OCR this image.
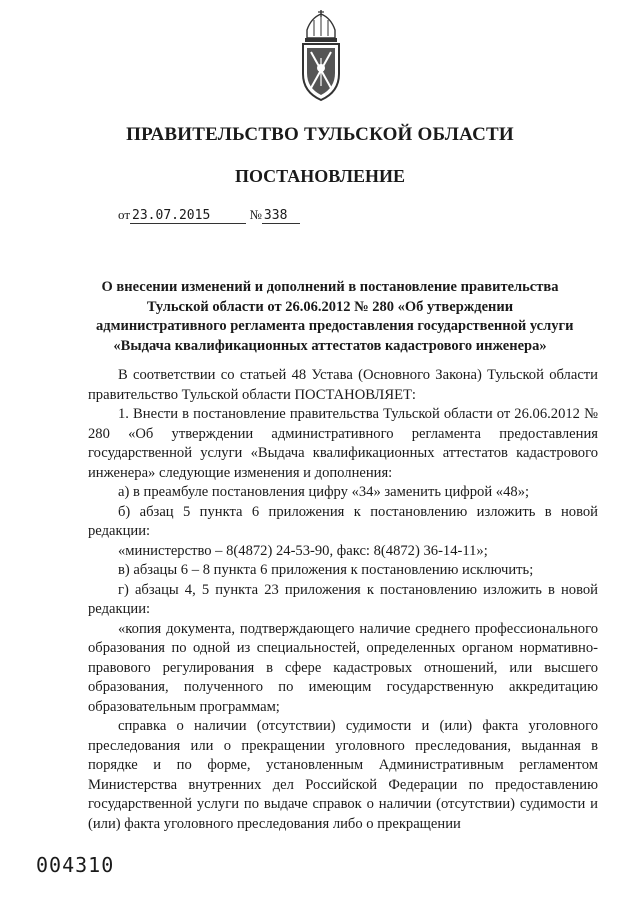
ПРАВИТЕЛЬСТВО ТУЛЬСКОЙ ОБЛАСТИ
ПОСТАНОВЛЕНИЕ
от 23.07.2015	№ 338
О внесении изменений и дополнений в постановление правительства
Тульской области от 26.06.2012 № 280 «Об утверждении
административного регламента предоставления государственной услуги
«Выдача квалификационных аттестатов кадастрового инженера»

В соответствии со статьей 48 Устава (Основного Закона) Тульской области правительство Тульской области ПОСТАНОВЛЯЕТ:

1. Внести в постановление правительства Тульской области от 26.06.2012 № 280 «Об утверждении административного регламента предоставления государственной услуги «Выдача квалификационных аттестатов кадастрового инженера» следующие изменения и дополнения:

а) в преамбуле постановления цифру «34» заменить цифрой «48»;

б) абзац 5 пункта 6 приложения к постановлению изложить в новой редакции:

«министерство – 8(4872) 24-53-90, факс: 8(4872) 36-14-11»;

в) абзацы 6 – 8 пункта 6 приложения к постановлению исключить;

г) абзацы 4, 5 пункта 23 приложения к постановлению изложить в новой редакции:

«копия документа, подтверждающего наличие среднего профессионального образования по одной из специальностей, определенных органом нормативно-правового регулирования в сфере кадастровых отношений, или высшего образования, полученного по имеющим государственную аккредитацию образовательным программам;

справка о наличии (отсутствии) судимости и (или) факта уголовного преследования или о прекращении уголовного преследования, выданная в порядке и по форме, установленным Административным регламентом Министерства внутренних дел Российской Федерации по предоставлению государственной услуги по выдаче справок о наличии (отсутствии) судимости и (или) факта уголовного преследования либо о прекращении

004310
